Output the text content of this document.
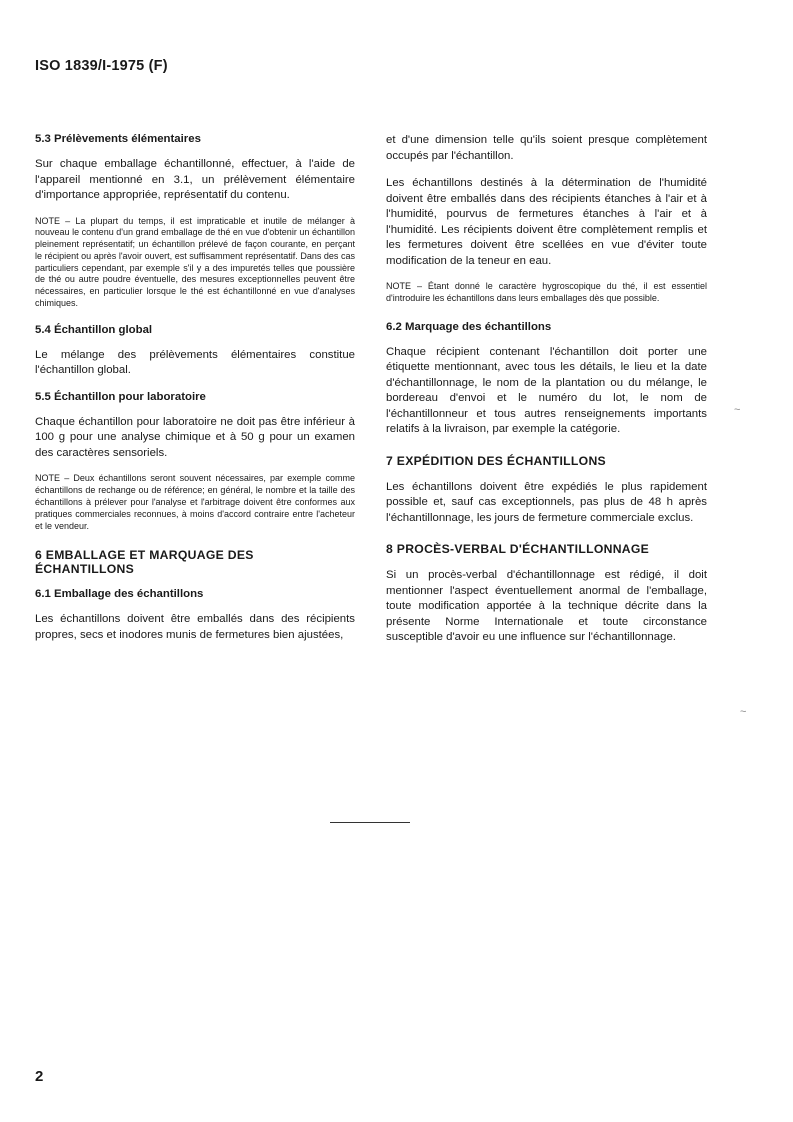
ISO 1839/I-1975 (F)
5.3 Prélèvements élémentaires
Sur chaque emballage échantillonné, effectuer, à l'aide de l'appareil mentionné en 3.1, un prélèvement élémentaire d'importance appropriée, représentatif du contenu.
NOTE – La plupart du temps, il est impraticable et inutile de mélanger à nouveau le contenu d'un grand emballage de thé en vue d'obtenir un échantillon pleinement représentatif; un échantillon prélevé de façon courante, en perçant le récipient ou après l'avoir ouvert, est suffisamment représentatif. Dans des cas particuliers cependant, par exemple s'il y a des impuretés telles que poussière de thé ou autre poudre éventuelle, des mesures exceptionnelles peuvent être nécessaires, en particulier lorsque le thé est échantillonné en vue d'analyses chimiques.
5.4 Échantillon global
Le mélange des prélèvements élémentaires constitue l'échantillon global.
5.5 Échantillon pour laboratoire
Chaque échantillon pour laboratoire ne doit pas être inférieur à 100 g pour une analyse chimique et à 50 g pour un examen des caractères sensoriels.
NOTE – Deux échantillons seront souvent nécessaires, par exemple comme échantillons de rechange ou de référence; en général, le nombre et la taille des échantillons à prélever pour l'analyse et l'arbitrage doivent être conformes aux pratiques commerciales reconnues, à moins d'accord contraire entre l'acheteur et le vendeur.
6 EMBALLAGE ET MARQUAGE DES ÉCHANTILLONS
6.1 Emballage des échantillons
Les échantillons doivent être emballés dans des récipients propres, secs et inodores munis de fermetures bien ajustées,
et d'une dimension telle qu'ils soient presque complètement occupés par l'échantillon.
Les échantillons destinés à la détermination de l'humidité doivent être emballés dans des récipients étanches à l'air et à l'humidité, pourvus de fermetures étanches à l'air et à l'humidité. Les récipients doivent être complètement remplis et les fermetures doivent être scellées en vue d'éviter toute modification de la teneur en eau.
NOTE – Étant donné le caractère hygroscopique du thé, il est essentiel d'introduire les échantillons dans leurs emballages dès que possible.
6.2 Marquage des échantillons
Chaque récipient contenant l'échantillon doit porter une étiquette mentionnant, avec tous les détails, le lieu et la date d'échantillonnage, le nom de la plantation ou du mélange, le bordereau d'envoi et le numéro du lot, le nom de l'échantillonneur et tous autres renseignements importants relatifs à la livraison, par exemple la catégorie.
7 EXPÉDITION DES ÉCHANTILLONS
Les échantillons doivent être expédiés le plus rapidement possible et, sauf cas exceptionnels, pas plus de 48 h après l'échantillonnage, les jours de fermeture commerciale exclus.
8 PROCÈS-VERBAL D'ÉCHANTILLONNAGE
Si un procès-verbal d'échantillonnage est rédigé, il doit mentionner l'aspect éventuellement anormal de l'emballage, toute modification apportée à la technique décrite dans la présente Norme Internationale et toute circonstance susceptible d'avoir eu une influence sur l'échantillonnage.
~
~
2
